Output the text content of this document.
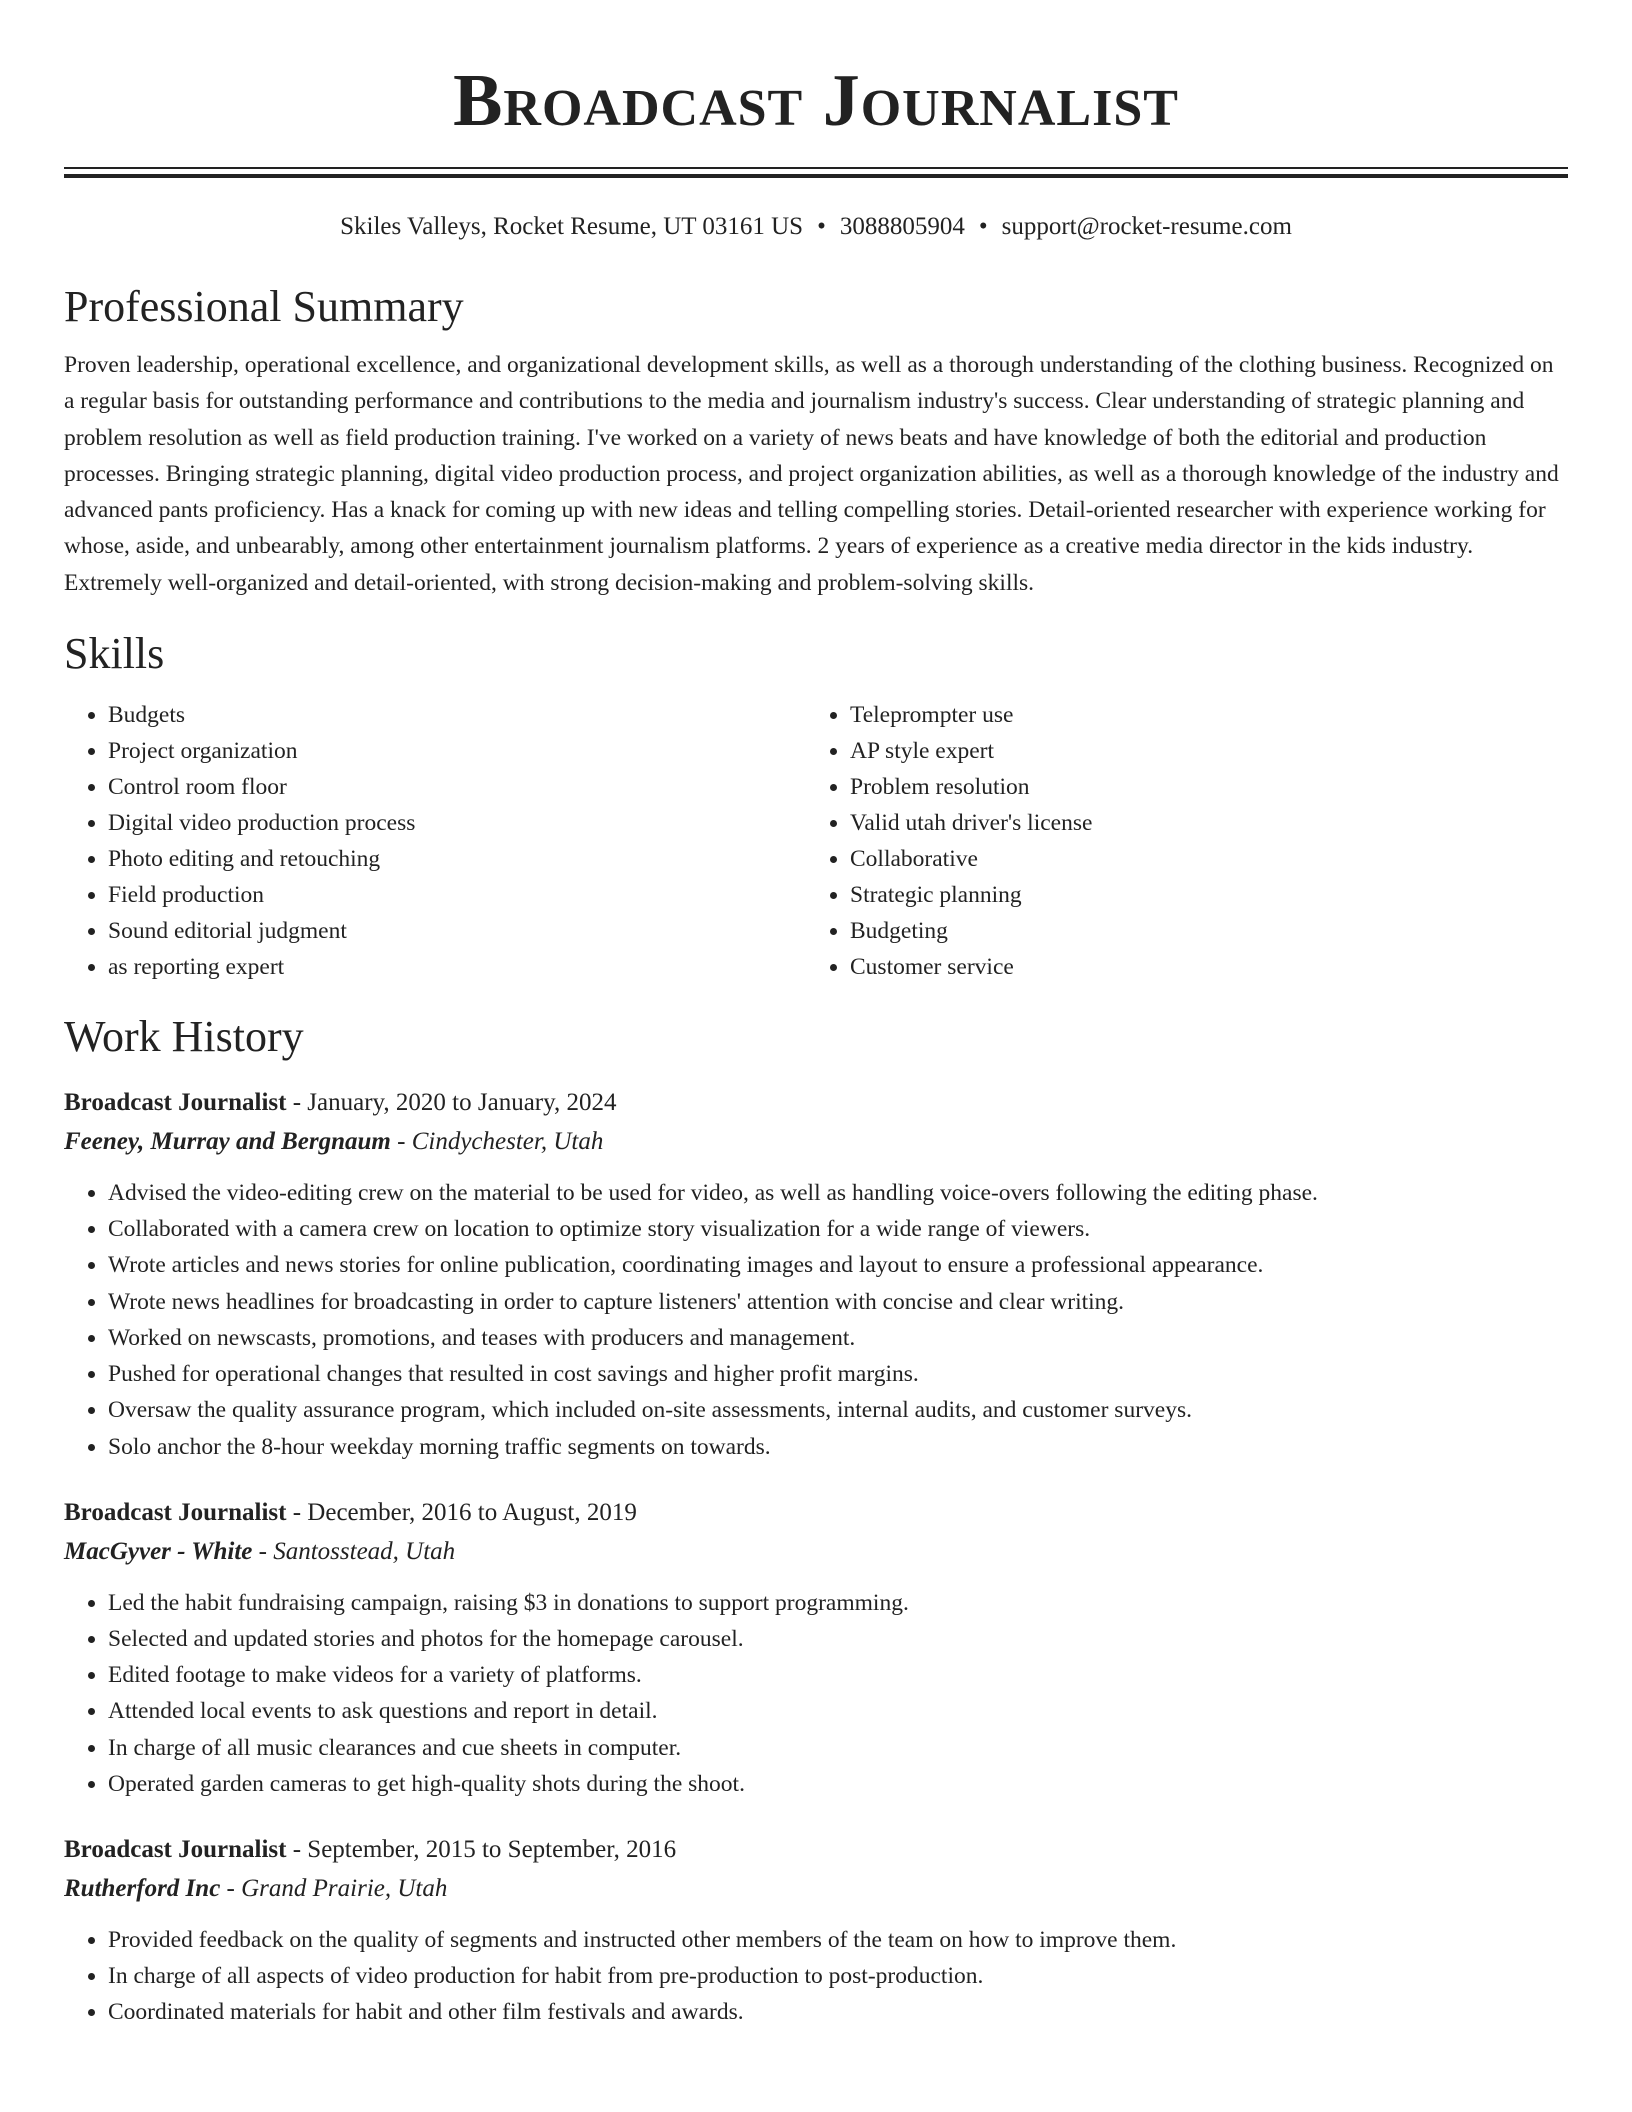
Broadcast Journalist
Skiles Valleys, Rocket Resume, UT 03161 US • 3088805904 • support@rocket-resume.com
Professional Summary

Proven leadership, operational excellence, and organizational development skills, as well as a thorough understanding of the clothing business. Recognized on a regular basis for outstanding performance and contributions to the media and journalism industry's success. Clear understanding of strategic planning and problem resolution as well as field production training. I've worked on a variety of news beats and have knowledge of both the editorial and production processes. Bringing strategic planning, digital video production process, and project organization abilities, as well as a thorough knowledge of the industry and advanced pants proficiency. Has a knack for coming up with new ideas and telling compelling stories. Detail-oriented researcher with experience working for whose, aside, and unbearably, among other entertainment journalism platforms. 2 years of experience as a creative media director in the kids industry. Extremely well-organized and detail-oriented, with strong decision-making and problem-solving skills.

Skills
• Budgets
• Project organization
• Control room floor
• Digital video production process
• Photo editing and retouching
• Field production
• Sound editorial judgment
• as reporting expert
• Teleprompter use
• AP style expert
• Problem resolution
• Valid utah driver's license
• Collaborative
• Strategic planning
• Budgeting
• Customer service
Work History
Broadcast Journalist - January, 2020 to January, 2024
Feeney, Murray and Bergnaum - Cindychester, Utah
• Advised the video-editing crew on the material to be used for video, as well as handling voice-overs following the editing phase.
• Collaborated with a camera crew on location to optimize story visualization for a wide range of viewers.
• Wrote articles and news stories for online publication, coordinating images and layout to ensure a professional appearance.
• Wrote news headlines for broadcasting in order to capture listeners' attention with concise and clear writing.
• Worked on newscasts, promotions, and teases with producers and management.
• Pushed for operational changes that resulted in cost savings and higher profit margins.
• Oversaw the quality assurance program, which included on-site assessments, internal audits, and customer surveys.
• Solo anchor the 8-hour weekday morning traffic segments on towards.
Broadcast Journalist - December, 2016 to August, 2019
MacGyver - White - Santosstead, Utah
• Led the habit fundraising campaign, raising $3 in donations to support programming.
• Selected and updated stories and photos for the homepage carousel.
• Edited footage to make videos for a variety of platforms.
• Attended local events to ask questions and report in detail.
• In charge of all music clearances and cue sheets in computer.
• Operated garden cameras to get high-quality shots during the shoot.
Broadcast Journalist - September, 2015 to September, 2016
Rutherford Inc - Grand Prairie, Utah
• Provided feedback on the quality of segments and instructed other members of the team on how to improve them.
• In charge of all aspects of video production for habit from pre-production to post-production.
• Coordinated materials for habit and other film festivals and awards.
